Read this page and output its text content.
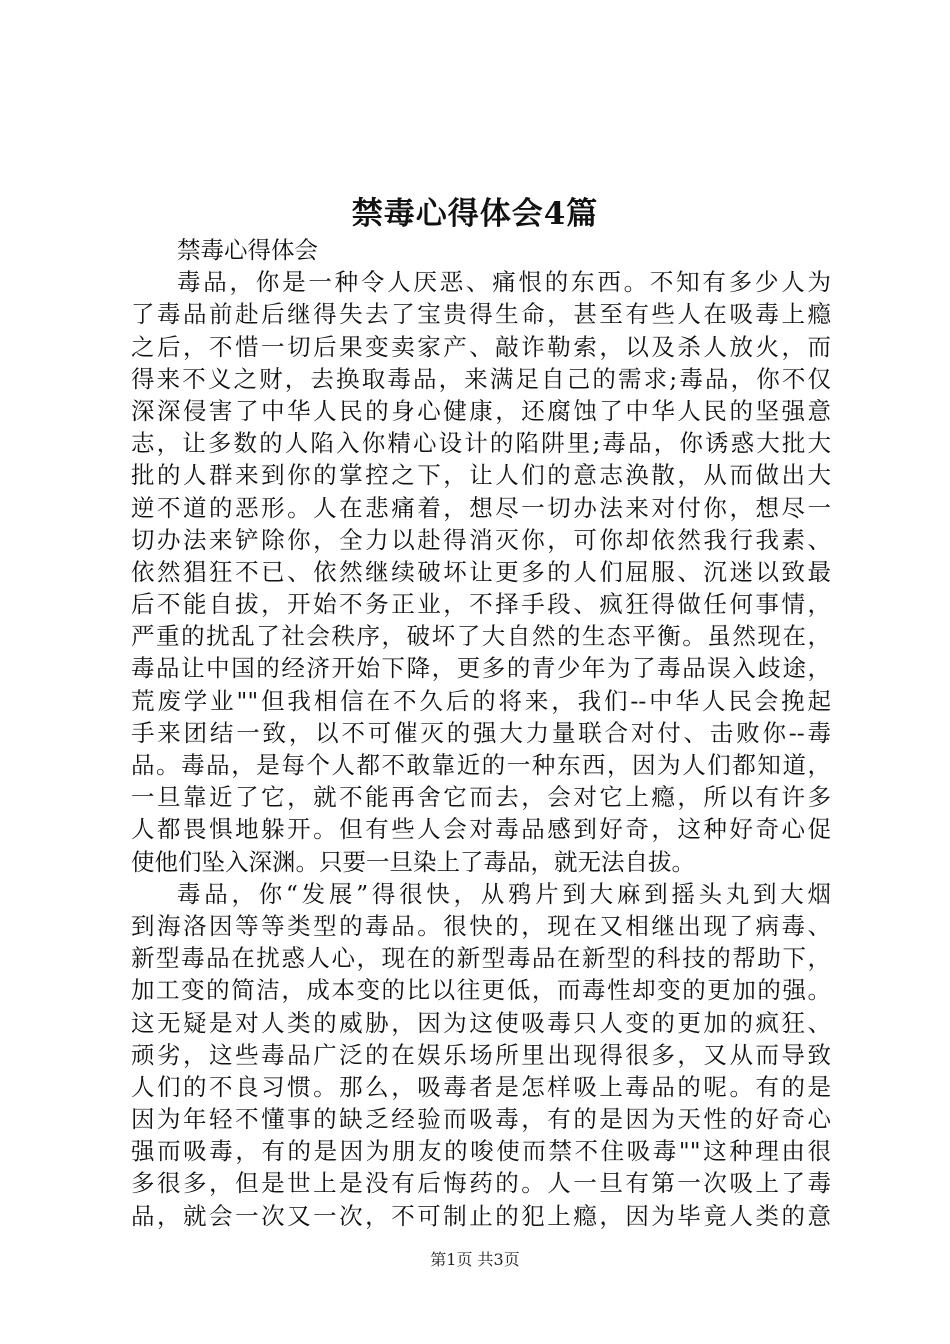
禁毒心得体会4篇
禁毒心得体会
毒品，你是一种令人厌恶、痛恨的东西。不知有多少人为
了毒品前赴后继得失去了宝贵得生命，甚至有些人在吸毒上瘾
之后，不惜一切后果变卖家产、敲诈勒索，以及杀人放火，而
得来不义之财，去换取毒品，来满足自己的需求;毒品，你不仅
深深侵害了中华人民的身心健康，还腐蚀了中华人民的坚强意
志，让多数的人陷入你精心设计的陷阱里;毒品，你诱惑大批大
批的人群来到你的掌控之下，让人们的意志涣散，从而做出大
逆不道的恶形。人在悲痛着，想尽一切办法来对付你，想尽一
切办法来铲除你，全力以赴得消灭你，可你却依然我行我素、
依然猖狂不已、依然继续破坏让更多的人们屈服、沉迷以致最
后不能自拔，开始不务正业，不择手段、疯狂得做任何事情，
严重的扰乱了社会秩序，破坏了大自然的生态平衡。虽然现在，
毒品让中国的经济开始下降，更多的青少年为了毒品误入歧途，
荒废学业""但我相信在不久后的将来，我们--中华人民会挽起
手来团结一致，以不可催灭的强大力量联合对付、击败你--毒
品。毒品，是每个人都不敢靠近的一种东西，因为人们都知道，
一旦靠近了它，就不能再舍它而去，会对它上瘾，所以有许多
人都畏惧地躲开。但有些人会对毒品感到好奇，这种好奇心促
使他们坠入深渊。只要一旦染上了毒品，就无法自拔。
毒品，你“发展”得很快，从鸦片到大麻到摇头丸到大烟
到海洛因等等类型的毒品。很快的，现在又相继出现了病毒、
新型毒品在扰惑人心，现在的新型毒品在新型的科技的帮助下，
加工变的简洁，成本变的比以往更低，而毒性却变的更加的强。
这无疑是对人类的威胁，因为这使吸毒只人变的更加的疯狂、
顽劣，这些毒品广泛的在娱乐场所里出现得很多，又从而导致
人们的不良习惯。那么，吸毒者是怎样吸上毒品的呢。有的是
因为年轻不懂事的缺乏经验而吸毒，有的是因为天性的好奇心
强而吸毒，有的是因为朋友的唆使而禁不住吸毒""这种理由很
多很多，但是世上是没有后悔药的。人一旦有第一次吸上了毒
品，就会一次又一次，不可制止的犯上瘾，因为毕竟人类的意
第1页 共3页
